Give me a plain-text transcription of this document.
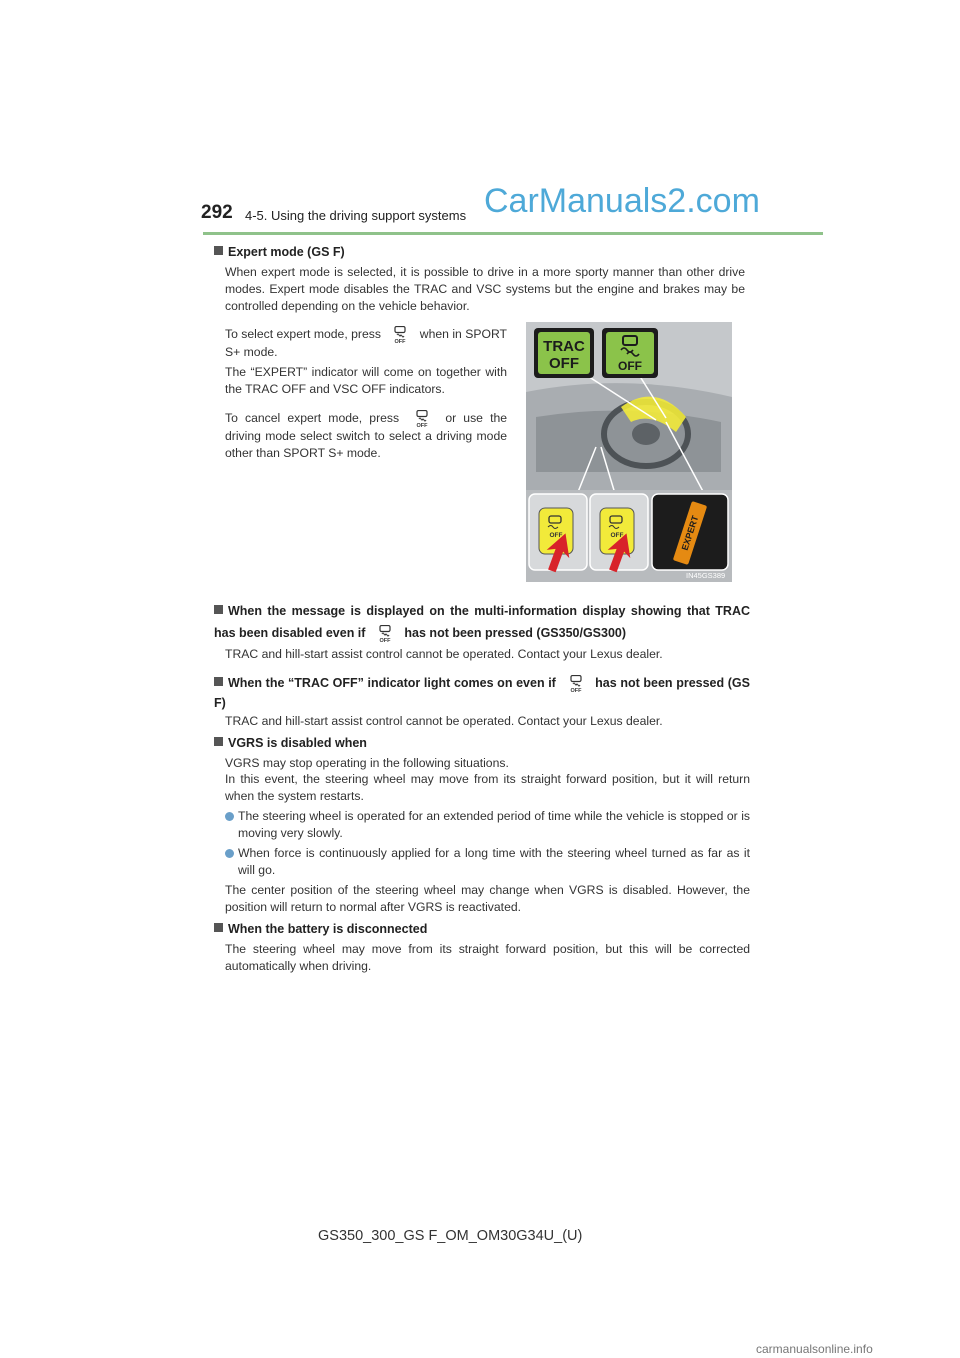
292 4-5. Using the driving support systems CarManuals2.com
Expert mode (GS F)
When expert mode is selected, it is possible to drive in a more sporty manner than other drive modes. Expert mode disables the TRAC and VSC systems but the engine and brakes may be controlled depending on the vehicle behavior.
To select expert mode, press
OFF
when in SPORT S+ mode.
The “EXPERT” indicator will come on together with the TRAC OFF and VSC OFF indicators.
To cancel expert mode, press
OFF
or use the driving mode select switch to select a driving mode other than SPORT S+ mode.
TRAC
OFF	OFF
OFF	OFF	EXPERT
IN45GS389
When the message is displayed on the multi-information display showing that TRAC has been disabled even if
OFF
has not been pressed (GS350/GS300)
TRAC and hill-start assist control cannot be operated. Contact your Lexus dealer.
When the “TRAC OFF” indicator light comes on even if
OFF
has not been pressed (GS F)
TRAC and hill-start assist control cannot be operated. Contact your Lexus dealer.
VGRS is disabled when
VGRS may stop operating in the following situations.
In this event, the steering wheel may move from its straight forward position, but it will return when the system restarts.
The steering wheel is operated for an extended period of time while the vehicle is stopped or is moving very slowly.
When force is continuously applied for a long time with the steering wheel turned as far as it will go.
The center position of the steering wheel may change when VGRS is disabled. However, the position will return to normal after VGRS is reactivated.
When the battery is disconnected
The steering wheel may move from its straight forward position, but this will be corrected automatically when driving.
GS350_300_GS F_OM_OM30G34U_(U)
carmanualsonline.info
